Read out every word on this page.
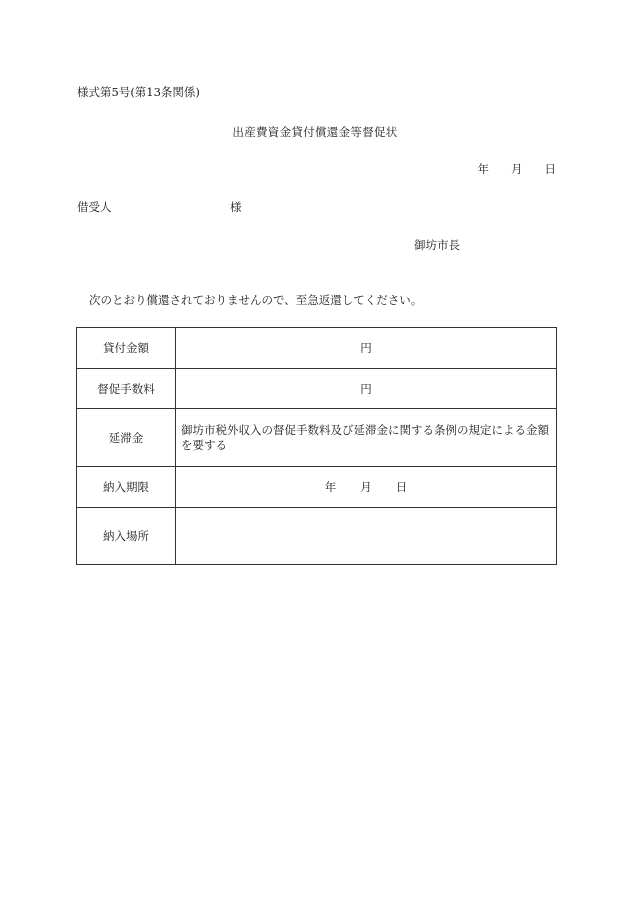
様式第5号(第13条関係)
出産費資金貸付償還金等督促状
年 月 日
借受人	様
御坊市長
次のとおり償還されておりませんので、至急返還してください。
貸付金額	円
督促手数料	円
延滞金	御坊市税外収入の督促手数料及び延滞金に関する条例の規定による金額を要する
納入期限	年 月 日
納入場所	
